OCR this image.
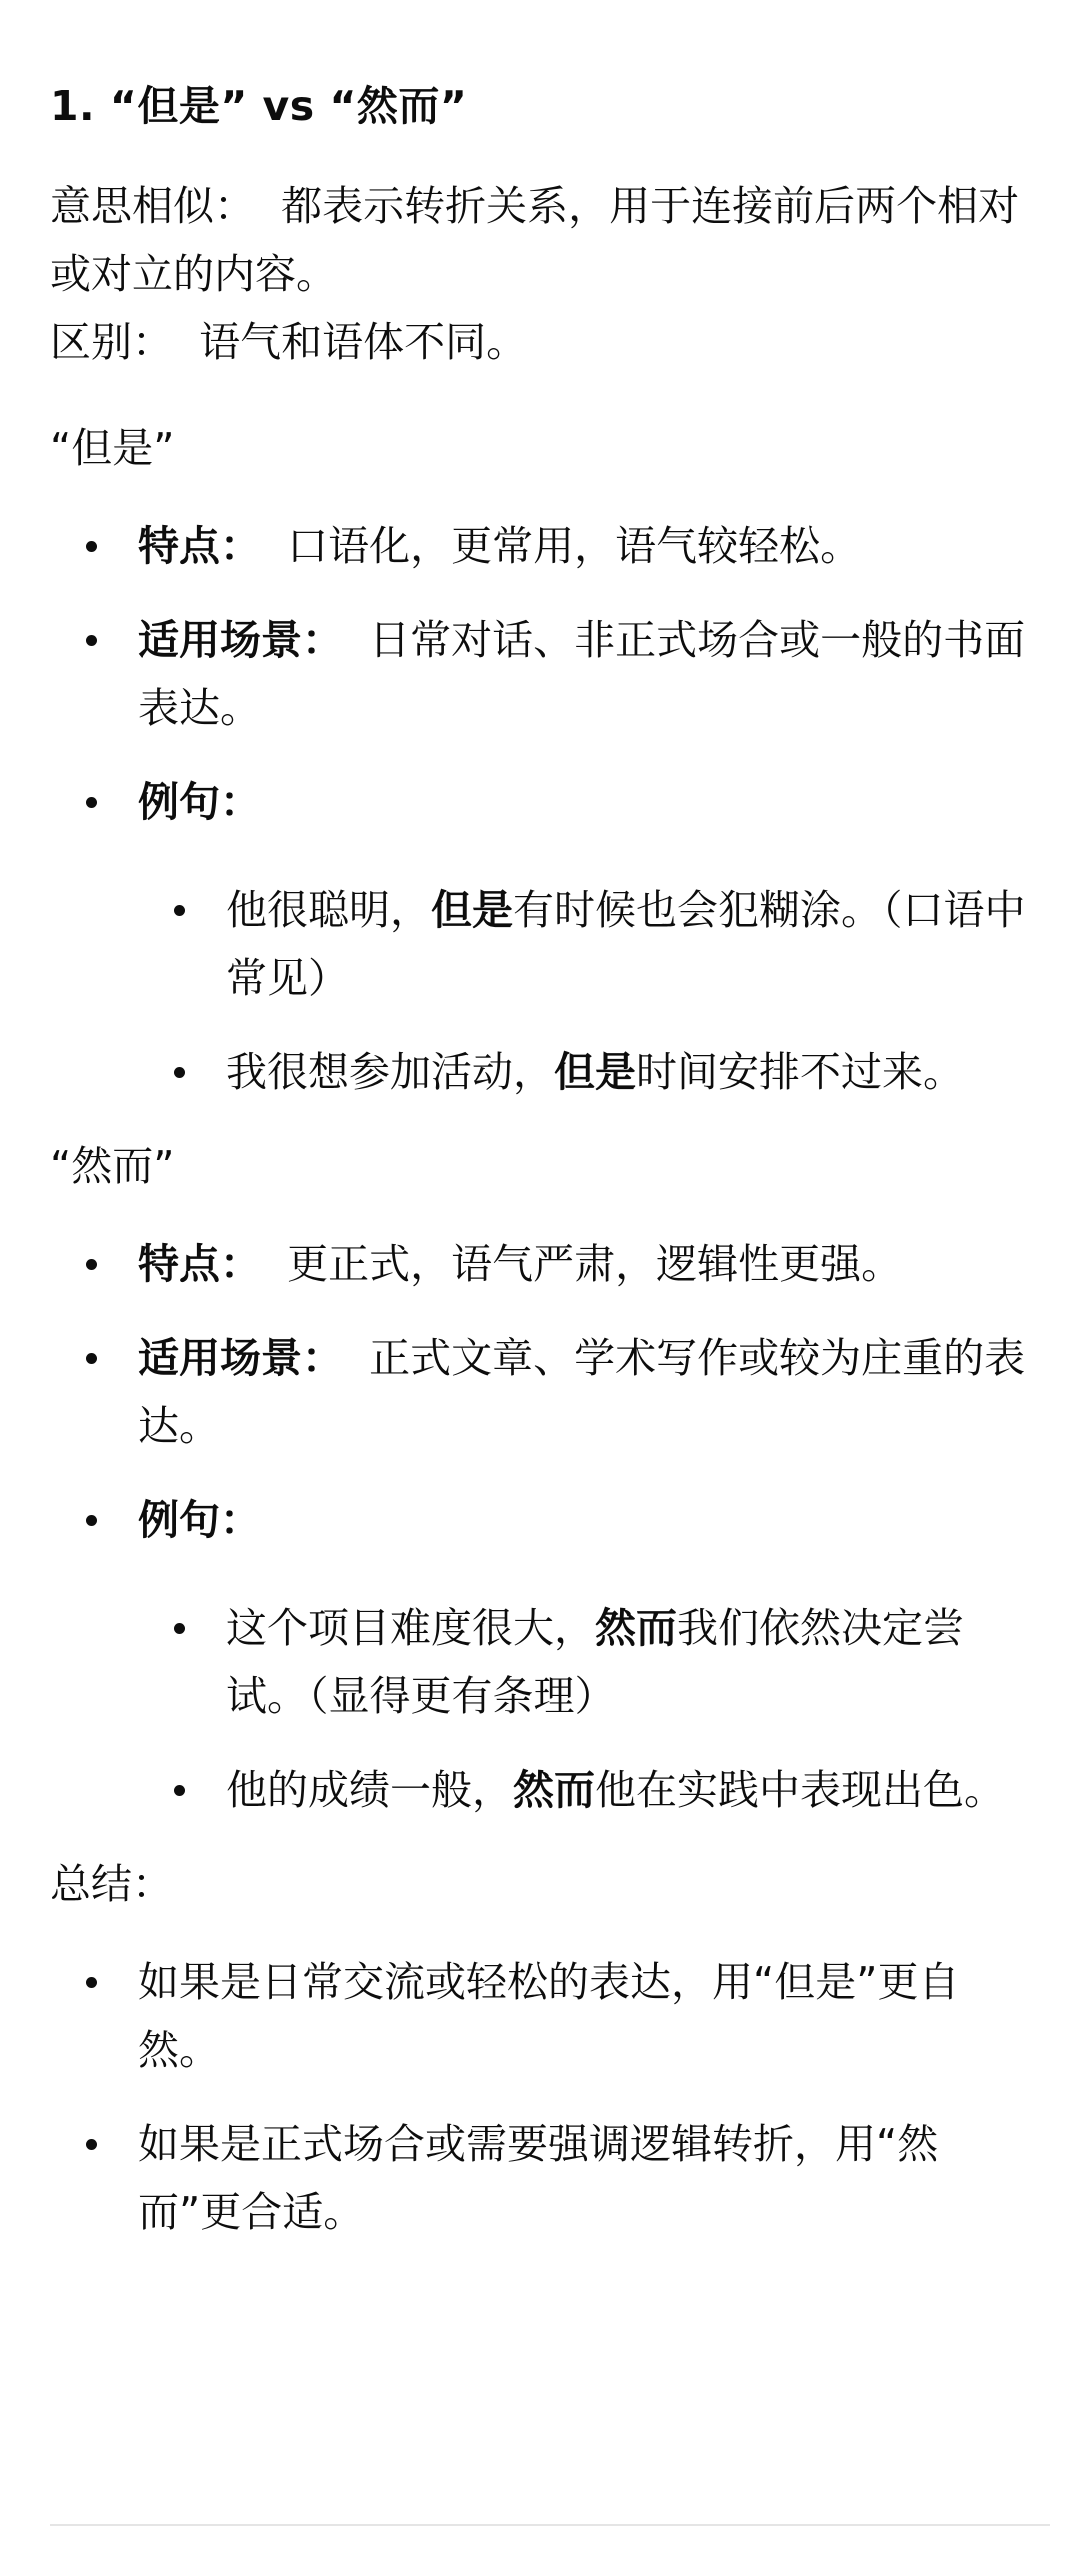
1. “但是” vs “然而”

意思相似： 都表示转折关系，用于连接前后两个相对或对立的内容。

区别： 语气和语体不同。

“但是”
特点： 口语化，更常用，语气较轻松。
适用场景： 日常对话、非正式场合或一般的书面表达。
例句：
他很聪明，但是有时候也会犯糊涂。（口语中常见）
我很想参加活动，但是时间安排不过来。
“然而”
特点： 更正式，语气严肃，逻辑性更强。
适用场景： 正式文章、学术写作或较为庄重的表达。
例句：
这个项目难度很大，然而我们依然决定尝试。（显得更有条理）
他的成绩一般，然而他在实践中表现出色。
总结：
如果是日常交流或轻松的表达，用“但是”更自然。
如果是正式场合或需要强调逻辑转折，用“然而”更合适。
